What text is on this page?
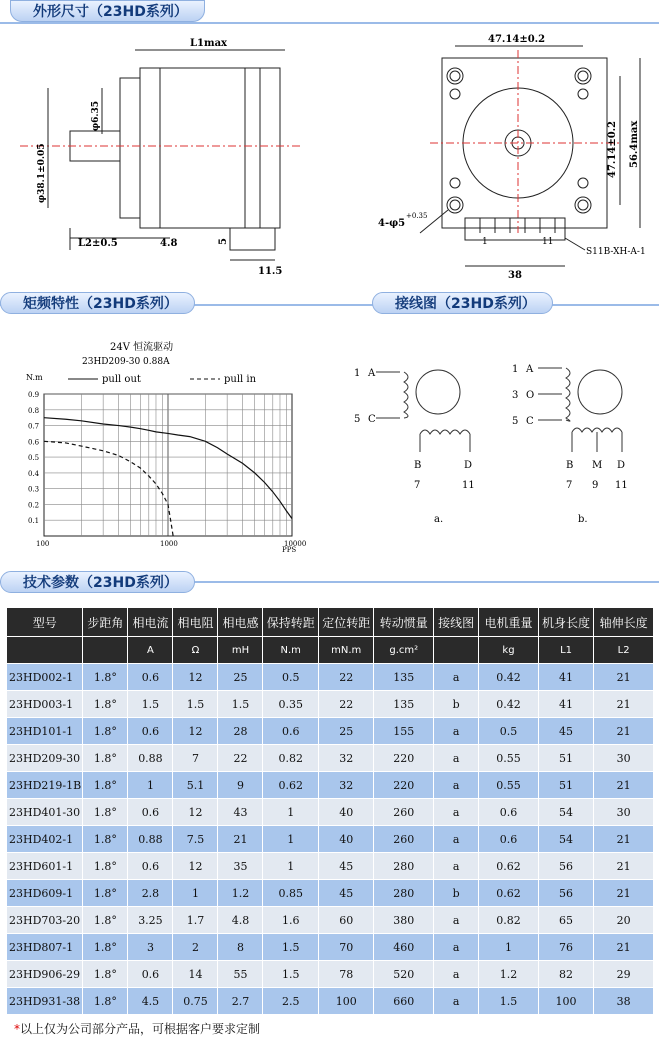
外形尺寸（23HD系列）
L1max
L2±0.5	4.8	5
11.5
φ38.1±0.05
φ6.35
47.14±0.2
47.14±0.2 56.4max
4-φ5
+0.35
38
1	11
S11B-XH-A-1
矩频特性（23HD系列）	接线图（23HD系列）
24V 恒流驱动
23HD209-30 0.88A
N.m
PPS
pull out	pull in
0.1
0.2
0.3
0.4
0.5
0.6
0.7
0.8
0.9
100	1000	10000
1 A
5 C
B
7
D
11
a.
1 A
3 O
5 C
B
7
M
9
D
11
b.
技术参数（23HD系列）
型号	步距角	相电流	相电阻	相电感	保持转距	定位转距	转动惯量	接线图	电机重量	机身长度	轴伸长度
		A	Ω	mH	N.m	mN.m	g.cm²		kg	L1	L2
23HD002-1	1.8°	0.6	12	25	0.5	22	135	a	0.42	41	21
23HD003-1	1.8°	1.5	1.5	1.5	0.35	22	135	b	0.42	41	21
23HD101-1	1.8°	0.6	12	28	0.6	25	155	a	0.5	45	21
23HD209-30	1.8°	0.88	7	22	0.82	32	220	a	0.55	51	30
23HD219-1B	1.8°	1	5.1	9	0.62	32	220	a	0.55	51	21
23HD401-30	1.8°	0.6	12	43	1	40	260	a	0.6	54	30
23HD402-1	1.8°	0.88	7.5	21	1	40	260	a	0.6	54	21
23HD601-1	1.8°	0.6	12	35	1	45	280	a	0.62	56	21
23HD609-1	1.8°	2.8	1	1.2	0.85	45	280	b	0.62	56	21
23HD703-20	1.8°	3.25	1.7	4.8	1.6	60	380	a	0.82	65	20
23HD807-1	1.8°	3	2	8	1.5	70	460	a	1	76	21
23HD906-29	1.8°	0.6	14	55	1.5	78	520	a	1.2	82	29
23HD931-38	1.8°	4.5	0.75	2.7	2.5	100	660	a	1.5	100	38
*以上仅为公司部分产品，可根据客户要求定制
